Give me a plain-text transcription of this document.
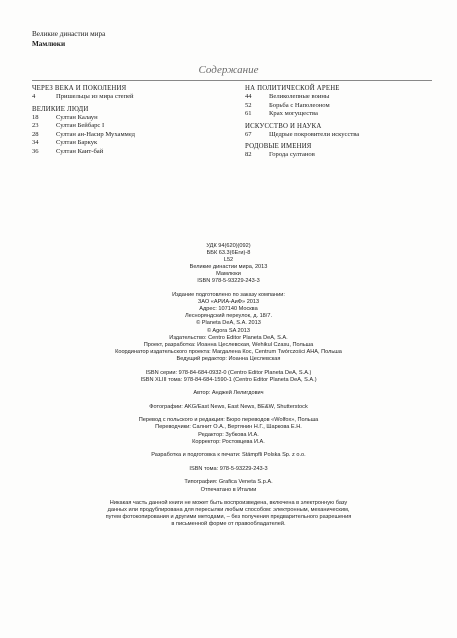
Великие династии мира
Мамлюки
Содержание
ЧЕРЕЗ ВЕКА И ПОКОЛЕНИЯ
4	Пришельцы из мира степей
ВЕЛИКИЕ ЛЮДИ
18	Султан Калаун
23	Султан Бейбарс I
28	Султан ан-Насир Мухаммед
34	Султан Баркук
36	Султан Каит-бай
НА ПОЛИТИЧЕСКОЙ АРЕНЕ
44	Великолепные воины
52	Борьба с Наполеоном
61	Крах могущества
ИСКУССТВО И НАУКА
67	Щедрые покровители искусства
РОДОВЫЕ ИМЕНИЯ
82	Города султанов
УДК 94(620)(092)
ББК 63.3(6Еги)-8
L52
Великие династии мира, 2013
Мамлюки
ISBN 978-5-93229-243-3
Издание подготовлено по заказу компании:
ЗАО «АРИА-АиФ» 2013
Адрес: 107140 Москва
Лесноряндский переулок, д. 18/7.
© Planeta DeA, S.A. 2013
© Agora SA 2013
Издательство: Centro Editor Planeta DeA, S.A.
Проект, разработка: Иоанна Цеслевская, Wehikul Czasu, Польша
Координатор издательского проекта: Магдалена Кос, Centrum Twórczości AHA, Польша
Ведущий редактор: Иоанна Цеслевская
ISBN серии: 978-84-684-0932-0 (Centro Editor Planeta DeA, S.A.)
ISBN XLIII тома: 978-84-684-1590-1 (Centro Editor Planeta DeA, S.A.)
Автор: Анджей Лелигдович
Фотографии: AKG/East News, East News, BE&W, Shutterstock
Перевод с польского и редакция: Бюро переводов «Wolfox», Польша
Переводчики: Салнит О.А., Вертянин Н.Г., Шаркова Е.Н.
Редактор: Зубкова И.А.
Корректор: Ростовцева И.А.
Разработка и подготовка к печати: Stämpfli Polska Sp. z o.o.
ISBN тома: 978-5-93229-243-3
Типография: Grafica Veneta S.p.A.
Отпечатано в Италии
Никакая часть данной книги не может быть воспроизведена, включена в электронную базу
данных или продублирована для пересылки любым способом: электронным, механическим,
путем фотокопирования и другими методами, – без получения предварительного разрешения
в письменной форме от правообладателей.
